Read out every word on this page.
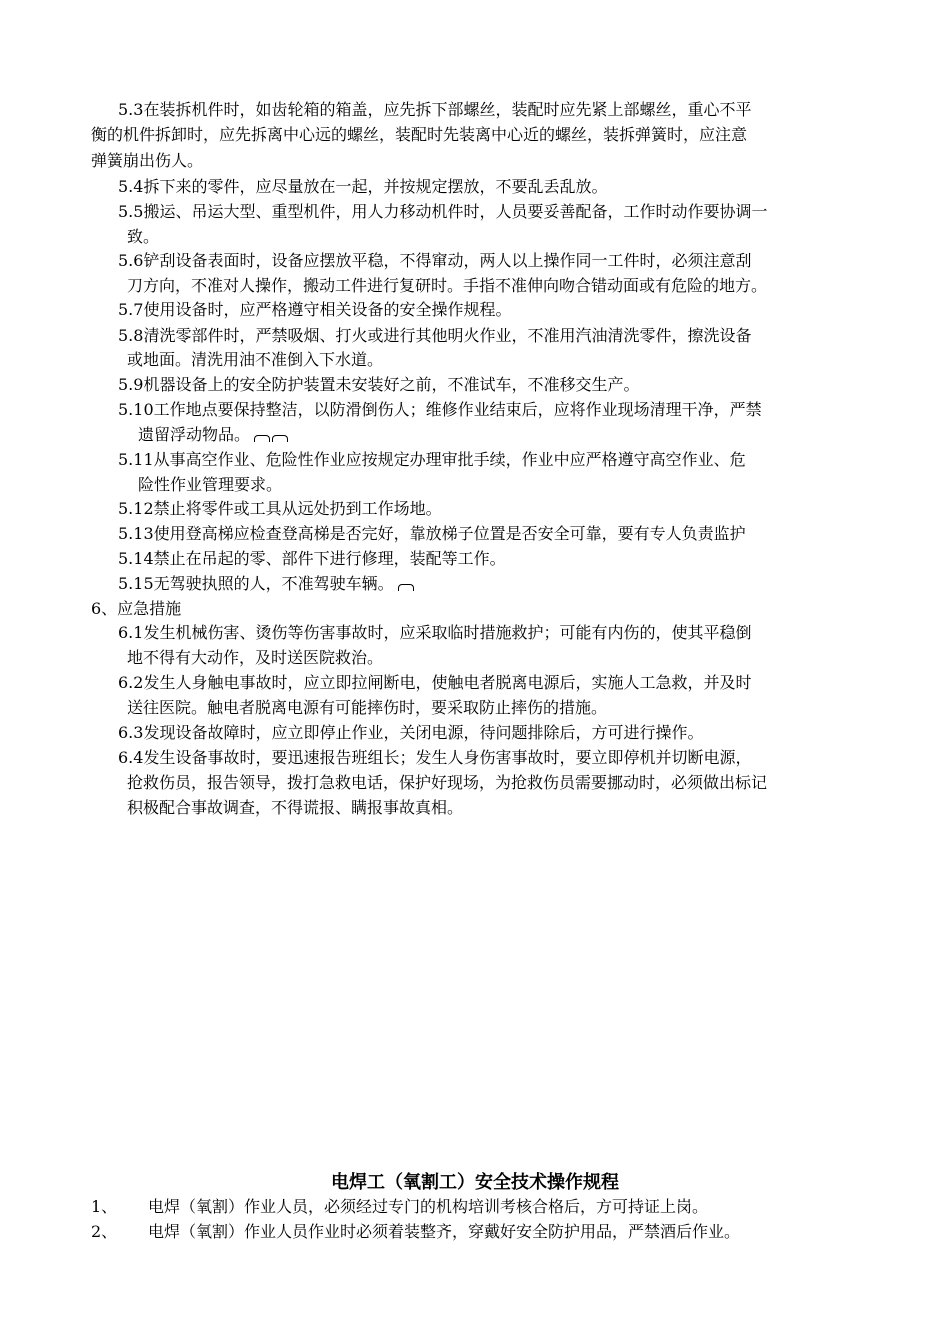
5.3在装拆机件时，如齿轮箱的箱盖，应先拆下部螺丝，装配时应先紧上部螺丝，重心不平
衡的机件拆卸时，应先拆离中心远的螺丝，装配时先装离中心近的螺丝，装拆弹簧时，应注意
弹簧崩出伤人。
5.4拆下来的零件，应尽量放在一起，并按规定摆放，不要乱丢乱放。
5.5搬运、吊运大型、重型机件，用人力移动机件时，人员要妥善配备，工作时动作要协调一
致。
5.6铲刮设备表面时，设备应摆放平稳，不得窜动，两人以上操作同一工件时，必须注意刮
刀方向，不准对人操作，搬动工件进行复研时。手指不准伸向吻合错动面或有危险的地方。
5.7使用设备时，应严格遵守相关设备的安全操作规程。
5.8清洗零部件时，严禁吸烟、打火或进行其他明火作业，不准用汽油清洗零件，擦洗设备
或地面。清洗用油不准倒入下水道。
5.9机器设备上的安全防护装置未安装好之前，不准试车，不准移交生产。
5.10工作地点要保持整洁，以防滑倒伤人；维修作业结束后，应将作业现场清理干净，严禁
遗留浮动物品。
5.11从事高空作业、危险性作业应按规定办理审批手续，作业中应严格遵守高空作业、危
险性作业管理要求。
5.12禁止将零件或工具从远处扔到工作场地。
5.13使用登高梯应检查登高梯是否完好，靠放梯子位置是否安全可靠，要有专人负责监护
5.14禁止在吊起的零、部件下进行修理，装配等工作。
5.15无驾驶执照的人，不准驾驶车辆。
6、应急措施
6.1发生机械伤害、烫伤等伤害事故时，应采取临时措施救护；可能有内伤的，使其平稳倒
地不得有大动作，及时送医院救治。
6.2发生人身触电事故时，应立即拉闸断电，使触电者脱离电源后，实施人工急救，并及时
送往医院。触电者脱离电源有可能摔伤时，要采取防止摔伤的措施。
6.3发现设备故障时，应立即停止作业，关闭电源，待问题排除后，方可进行操作。
6.4发生设备事故时，要迅速报告班组长；发生人身伤害事故时，要立即停机并切断电源，
抢救伤员，报告领导，拨打急救电话，保护好现场，为抢救伤员需要挪动时，必须做出标记
积极配合事故调查，不得谎报、瞒报事故真相。
电焊工（氧割工）安全技术操作规程
1、 电焊（氧割）作业人员，必须经过专门的机构培训考核合格后，方可持证上岗。
2、 电焊（氧割）作业人员作业时必须着装整齐，穿戴好安全防护用品，严禁酒后作业。
